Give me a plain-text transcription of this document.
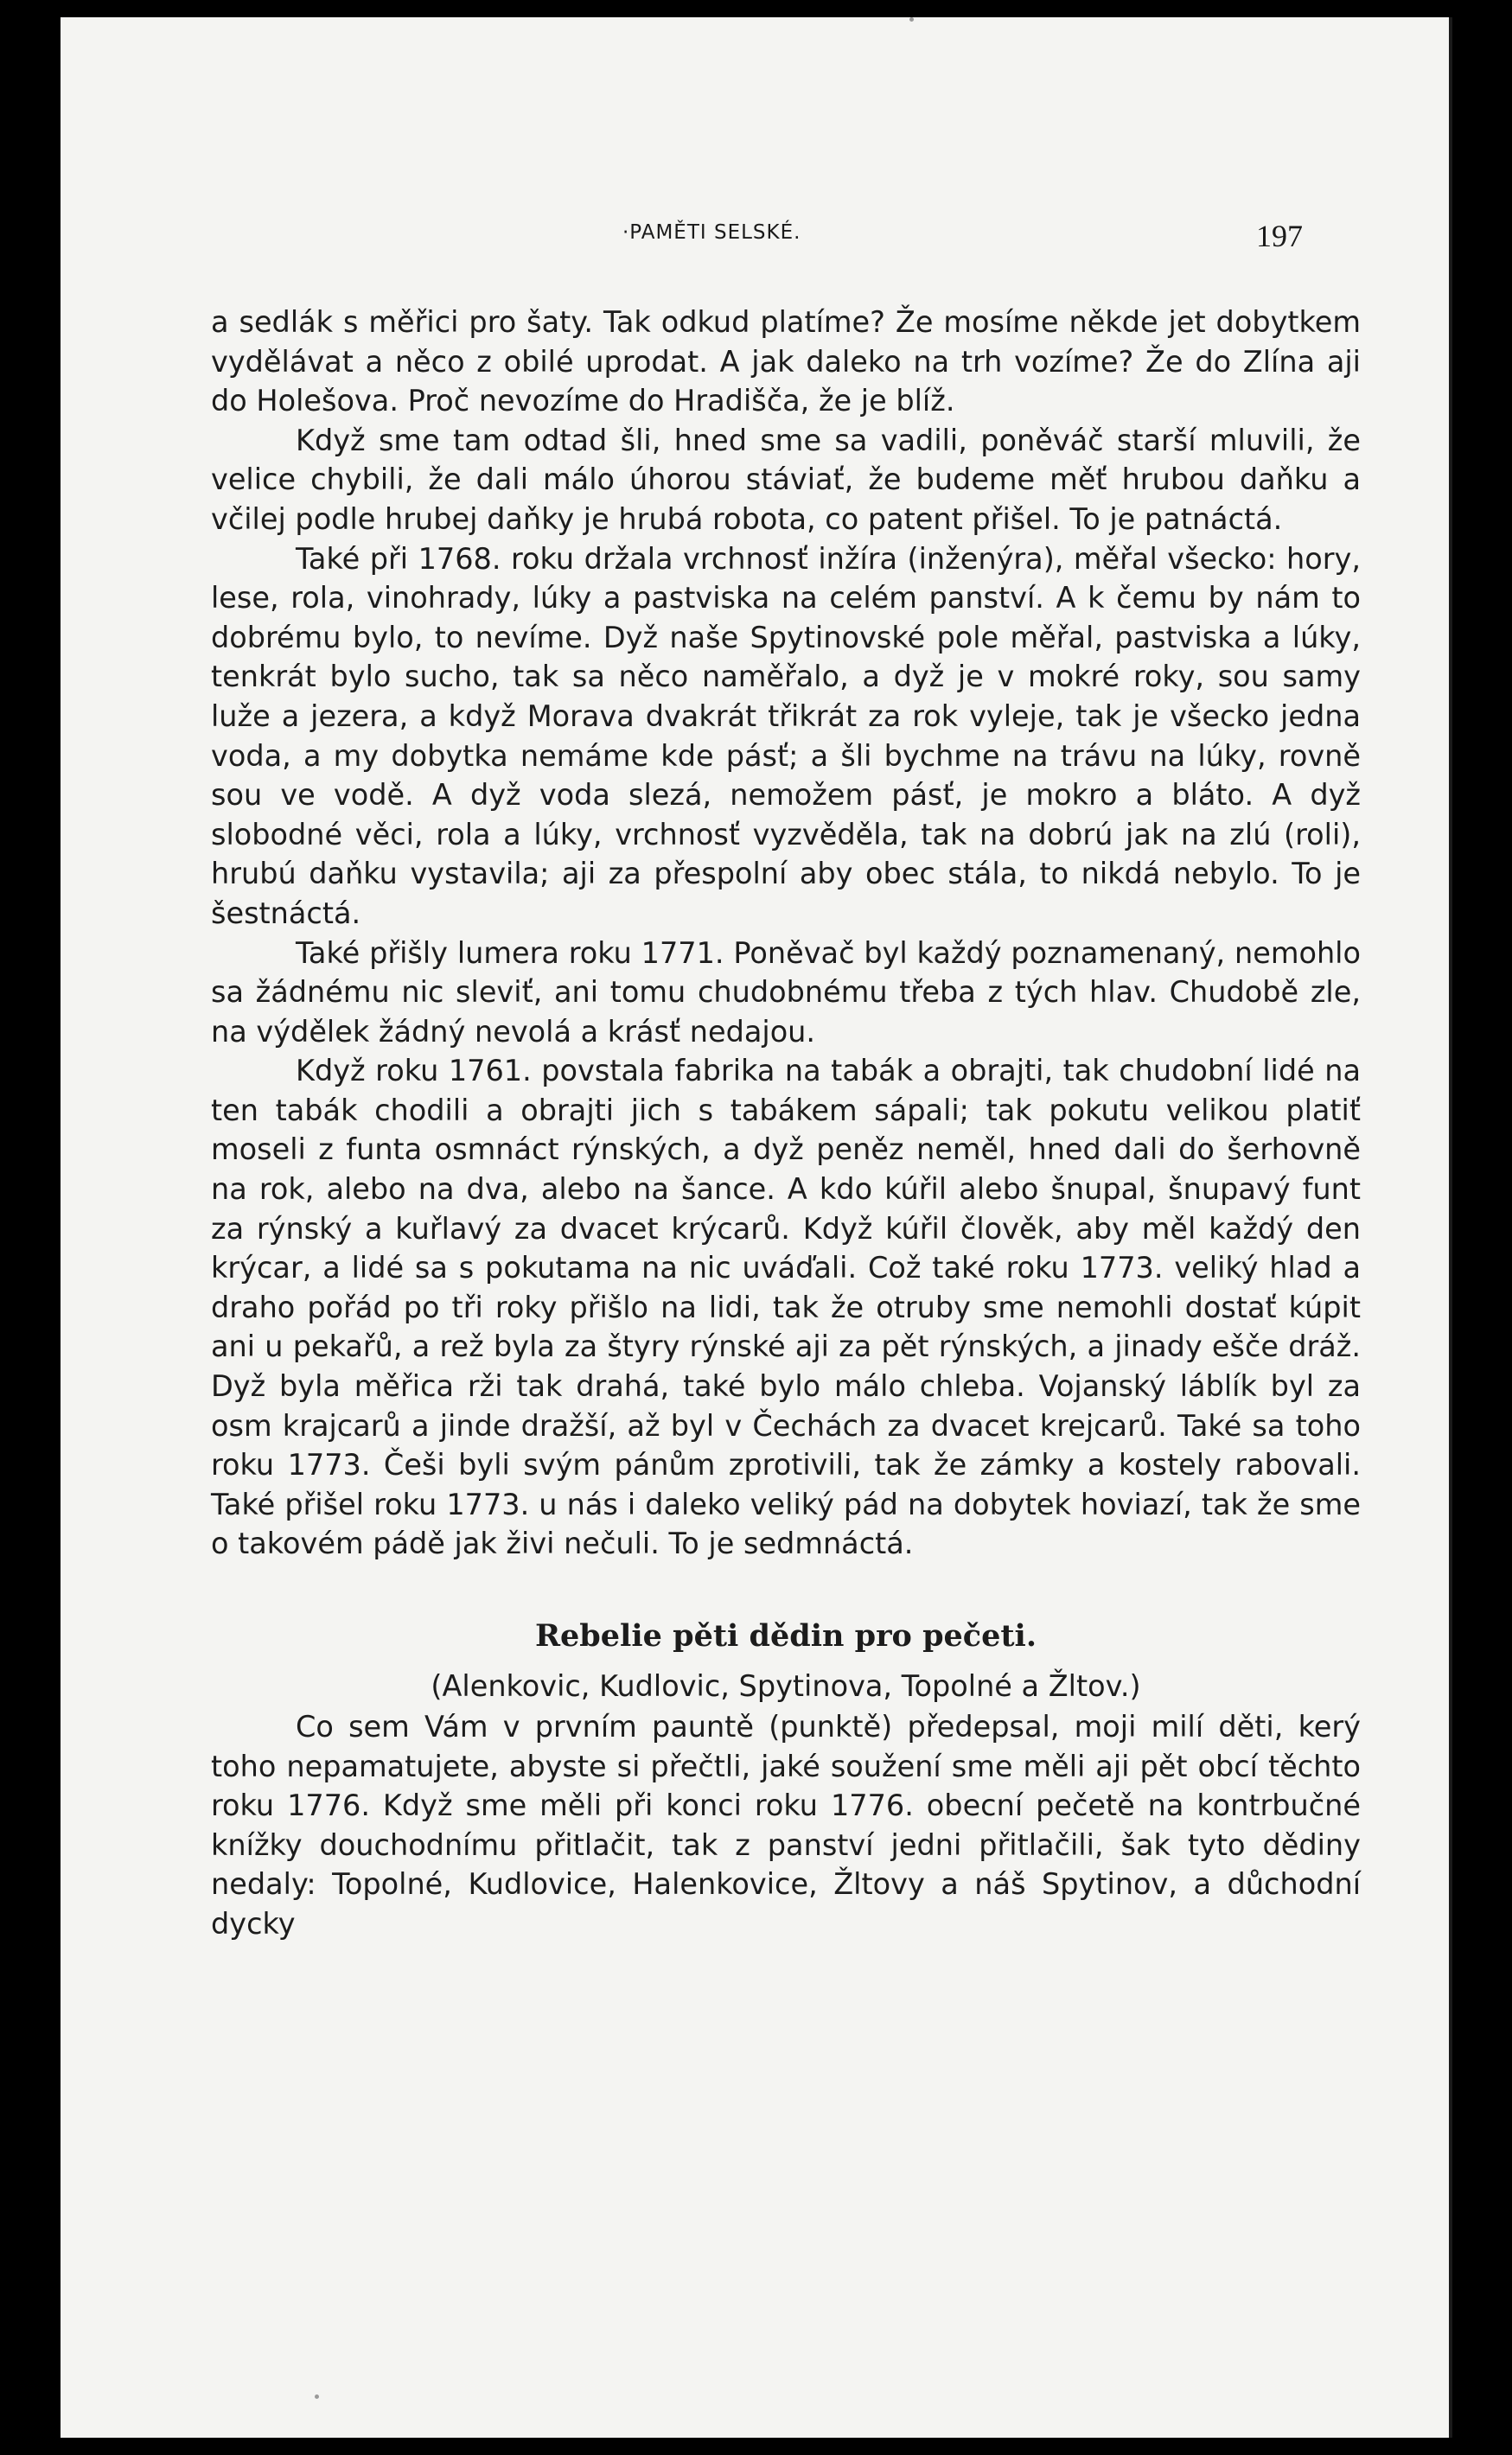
·PAMĚTI SELSKÉ.	197

a sedlák s měřici pro šaty. Tak odkud platíme? Že mosíme někde jet dobytkem vydělávat a něco z obilé uprodat. A jak daleko na trh vozíme? Že do Zlína aji do Holešova. Proč nevozíme do Hradišča, že je blíž.

Když sme tam odtad šli, hned sme sa vadili, poněváč starší mluvili, že velice chybili, že dali málo úhorou stáviať, že budeme měť hrubou daňku a včilej podle hrubej daňky je hrubá robota, co patent přišel. To je patnáctá.

Také při 1768. roku držala vrchnosť inžíra (inženýra), měřal všecko: hory, lese, rola, vinohrady, lúky a pastviska na celém panství. A k čemu by nám to dobrému bylo, to nevíme. Dyž naše Spytinovské pole měřal, pastviska a lúky, tenkrát bylo sucho, tak sa něco naměřalo, a dyž je v mokré roky, sou samy luže a jezera, a když Morava dvakrát třikrát za rok vyleje, tak je všecko jedna voda, a my dobytka nemáme kde pásť; a šli bychme na trávu na lúky, rovně sou ve vodě. A dyž voda slezá, nemožem pásť, je mokro a bláto. A dyž slobodné věci, rola a lúky, vrchnosť vyzvěděla, tak na dobrú jak na zlú (roli), hrubú daňku vystavila; aji za přespolní aby obec stála, to nikdá nebylo. To je šestnáctá.

Také přišly lumera roku 1771. Poněvač byl každý poznamenaný, nemohlo sa žádnému nic sleviť, ani tomu chudobnému třeba z tých hlav. Chudobě zle, na výdělek žádný nevolá a krásť nedajou.

Když roku 1761. povstala fabrika na tabák a obrajti, tak chudobní lidé na ten tabák chodili a obrajti jich s tabákem sápali; tak pokutu velikou platiť moseli z funta osmnáct rýnských, a dyž peněz neměl, hned dali do šerhovně na rok, alebo na dva, alebo na šance. A kdo kúřil alebo šnupal, šnupavý funt za rýnský a kuřlavý za dvacet krýcarů. Když kúřil člověk, aby měl každý den krýcar, a lidé sa s pokutama na nic uváďali. Což také roku 1773. veliký hlad a draho pořád po tři roky přišlo na lidi, tak že otruby sme nemohli dostať kúpit ani u pekařů, a rež byla za štyry rýnské aji za pět rýnských, a jinady ešče dráž. Dyž byla měřica rži tak drahá, také bylo málo chleba. Vojanský láblík byl za osm krajcarů a jinde dražší, až byl v Čechách za dvacet krejcarů. Také sa toho roku 1773. Češi byli svým pánům zprotivili, tak že zámky a kostely rabovali. Také přišel roku 1773. u nás i daleko veliký pád na dobytek hoviazí, tak že sme o takovém pádě jak živi nečuli. To je sedmnáctá.

Rebelie pěti dědin pro pečeti.

(Alenkovic, Kudlovic, Spytinova, Topolné a Žltov.)

Co sem Vám v prvním pauntě (punktě) předepsal, moji milí děti, kerý toho nepamatujete, abyste si přečtli, jaké soužení sme měli aji pět obcí těchto roku 1776. Když sme měli při konci roku 1776. obecní pečetě na kontrbučné knížky douchodnímu přitlačit, tak z panství jedni přitlačili, šak tyto dědiny nedaly: Topolné, Kudlovice, Halenkovice, Žltovy a náš Spytinov, a důchodní dycky
